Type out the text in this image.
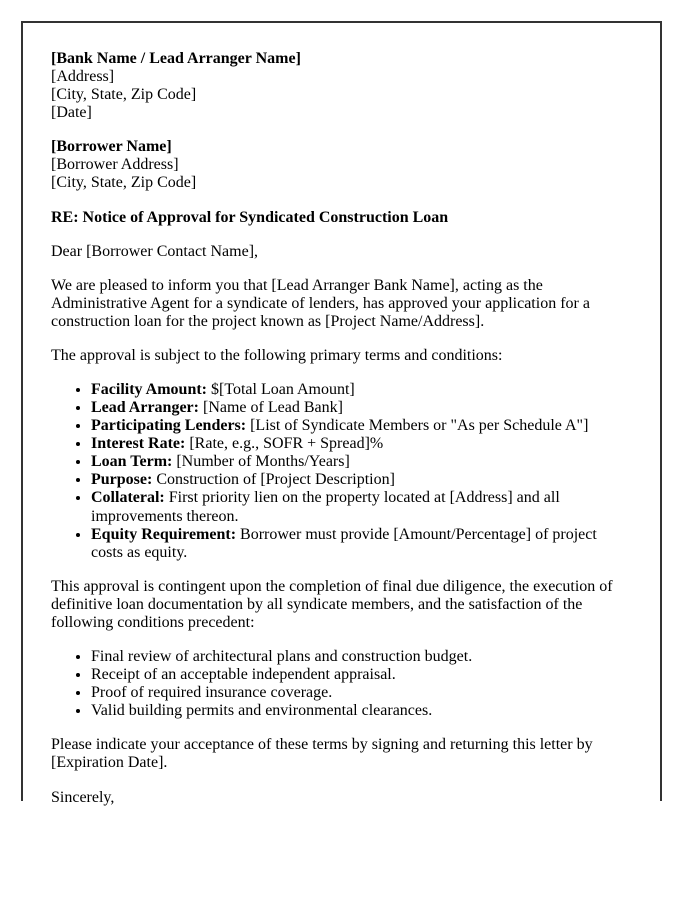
[Bank Name / Lead Arranger Name]
[Address]
[City, State, Zip Code]
[Date]

[Borrower Name]
[Borrower Address]
[City, State, Zip Code]

RE: Notice of Approval for Syndicated Construction Loan

Dear [Borrower Contact Name],

We are pleased to inform you that [Lead Arranger Bank Name], acting as the Administrative Agent for a syndicate of lenders, has approved your application for a construction loan for the project known as [Project Name/Address].

The approval is subject to the following primary terms and conditions:

• Facility Amount: $[Total Loan Amount]
• Lead Arranger: [Name of Lead Bank]
• Participating Lenders: [List of Syndicate Members or "As per Schedule A"]
• Interest Rate: [Rate, e.g., SOFR + Spread]%
• Loan Term: [Number of Months/Years]
• Purpose: Construction of [Project Description]
• Collateral: First priority lien on the property located at [Address] and all improvements thereon.
• Equity Requirement: Borrower must provide [Amount/Percentage] of project costs as equity.

This approval is contingent upon the completion of final due diligence, the execution of definitive loan documentation by all syndicate members, and the satisfaction of the following conditions precedent:

• Final review of architectural plans and construction budget.
• Receipt of an acceptable independent appraisal.
• Proof of required insurance coverage.
• Valid building permits and environmental clearances.

Please indicate your acceptance of these terms by signing and returning this letter by [Expiration Date].

Sincerely,
